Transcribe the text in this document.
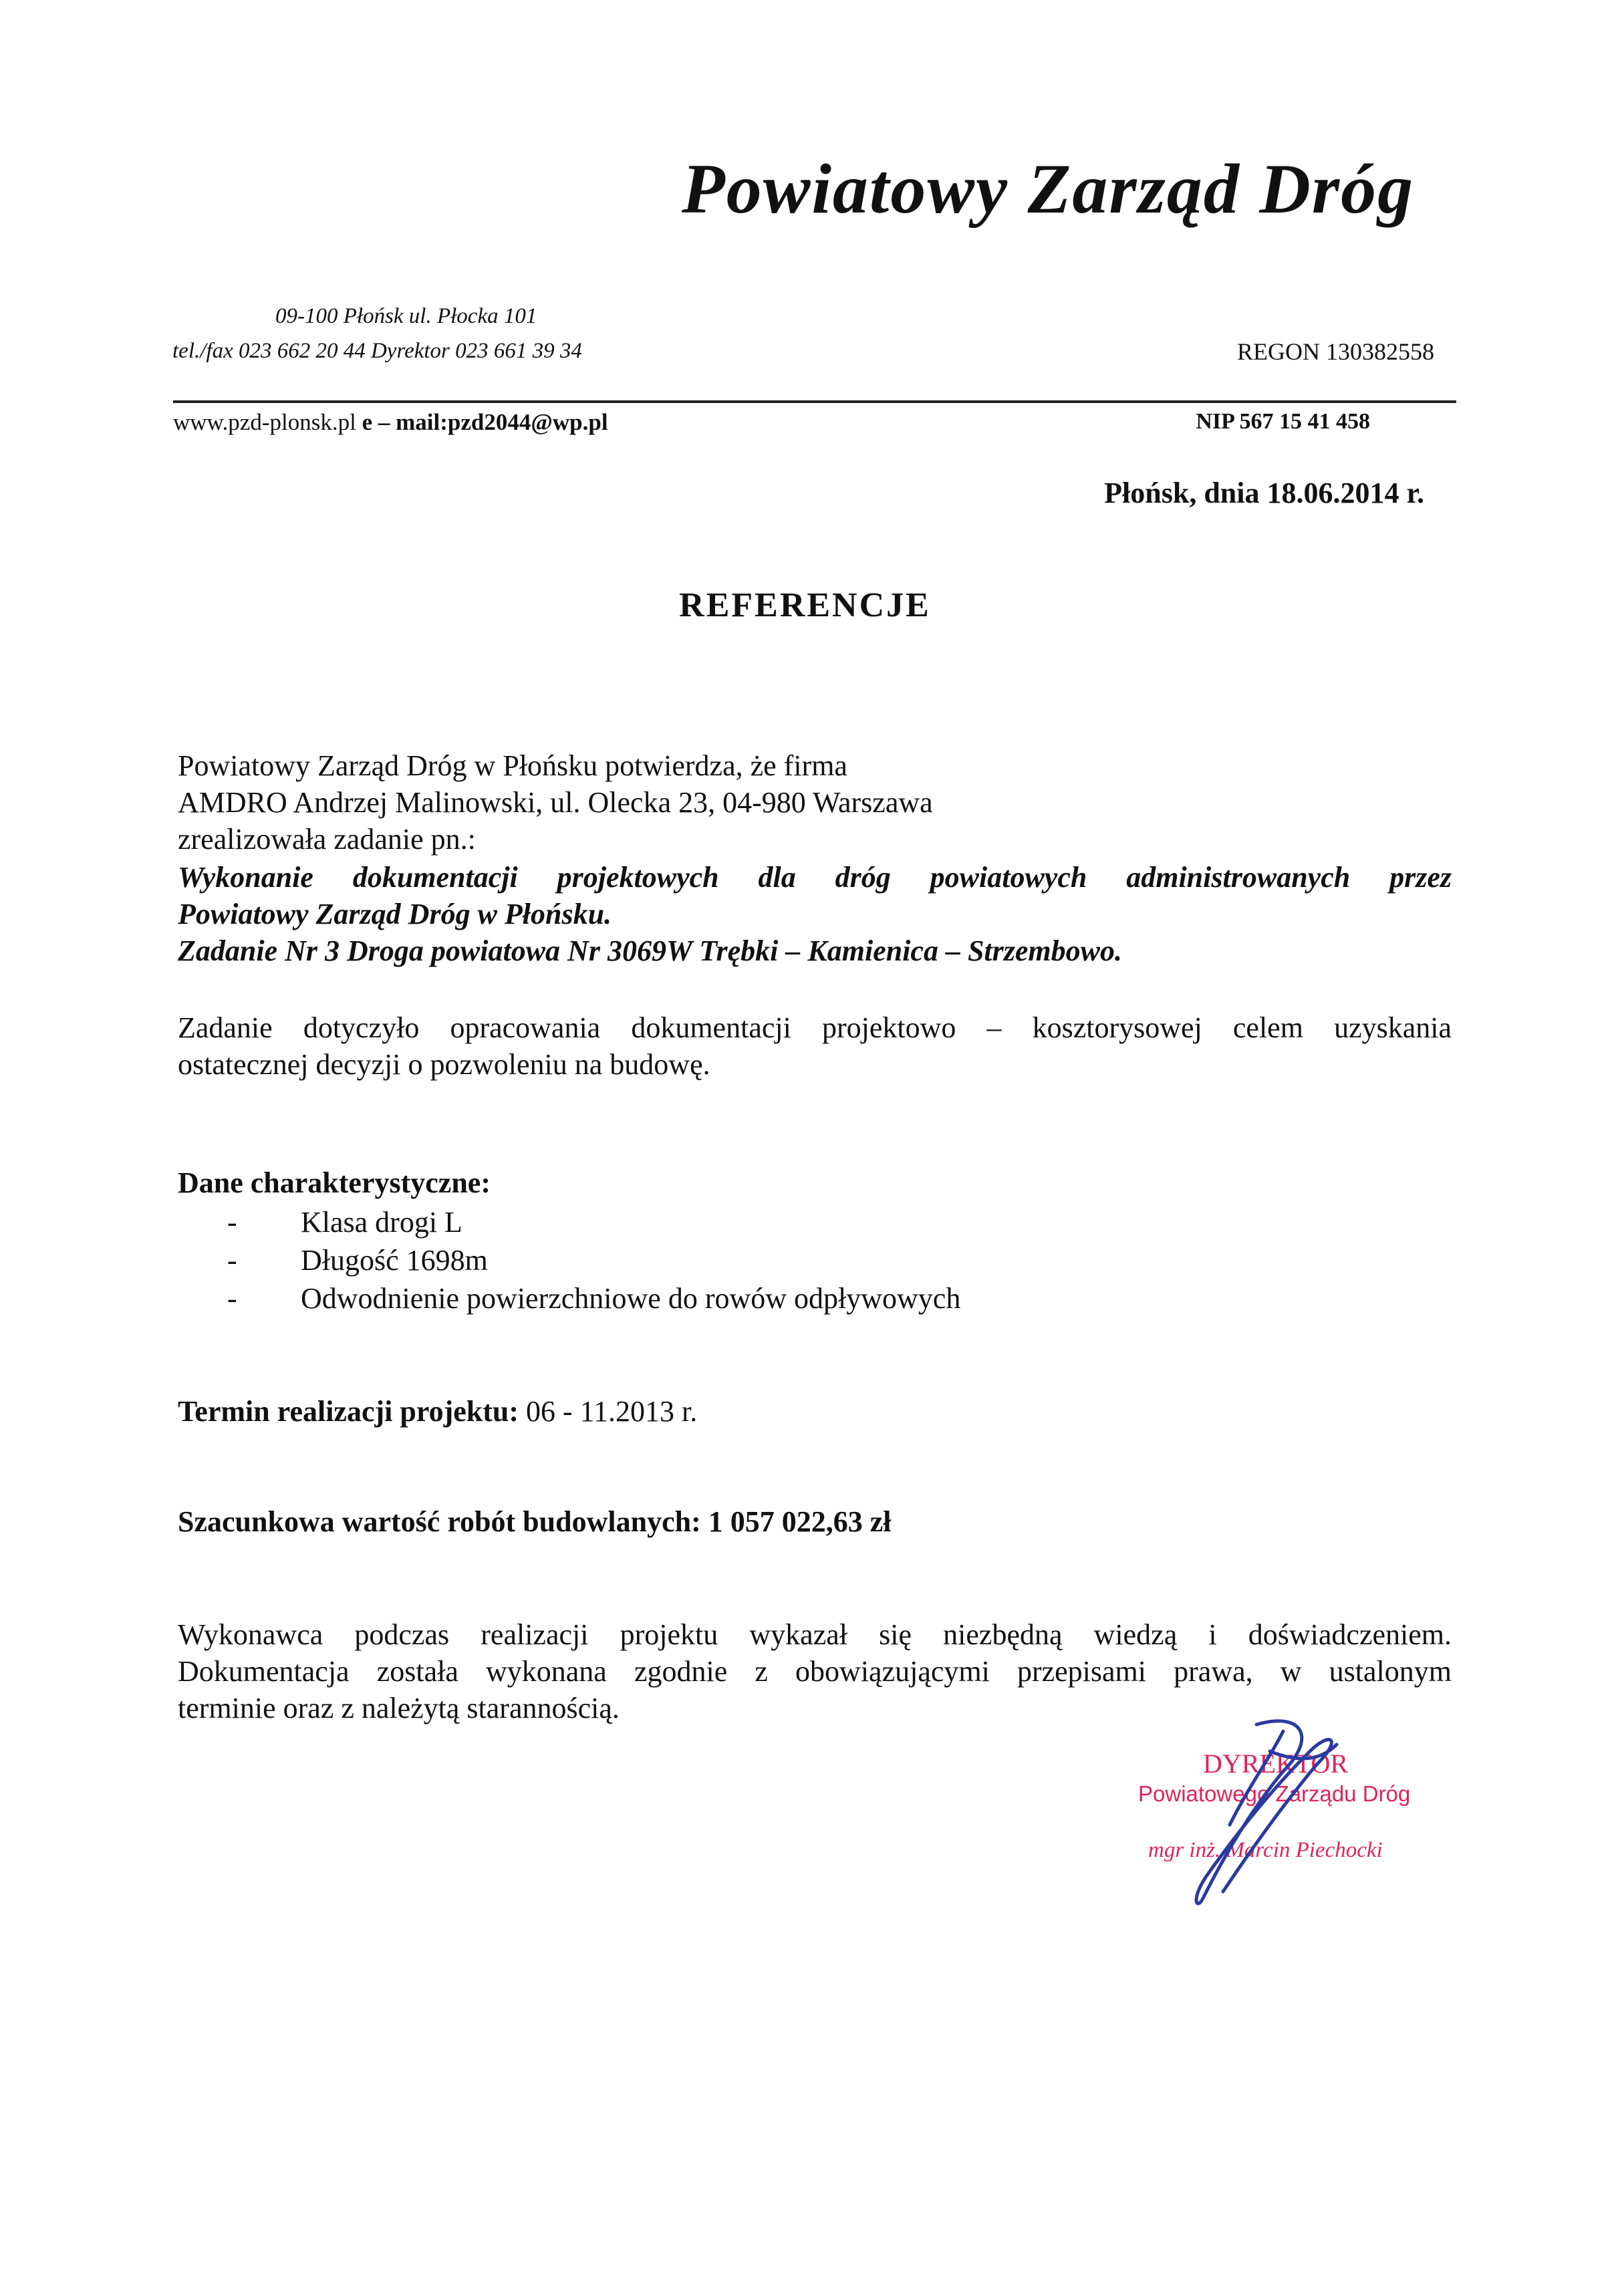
Powiatowy Zarząd Dróg
09-100 Płońsk ul. Płocka 101
tel./fax 023 662 20 44 Dyrektor 023 661 39 34	REGON 130382558
www.pzd-plonsk.pl e – mail:pzd2044@wp.pl	NIP 567 15 41 458
Płońsk, dnia 18.06.2014 r.
REFERENCJE
Powiatowy Zarząd Dróg w Płońsku potwierdza, że firma
AMDRO Andrzej Malinowski, ul. Olecka 23, 04-980 Warszawa
zrealizowała zadanie pn.:
Wykonanie dokumentacji projektowych dla dróg powiatowych administrowanych przez
Powiatowy Zarząd Dróg w Płońsku.
Zadanie Nr 3 Droga powiatowa Nr 3069W Trębki – Kamienica – Strzembowo.
Zadanie dotyczyło opracowania dokumentacji projektowo – kosztorysowej celem uzyskania
ostatecznej decyzji o pozwoleniu na budowę.
Dane charakterystyczne:
- Klasa drogi L
- Długość 1698m
- Odwodnienie powierzchniowe do rowów odpływowych
Termin realizacji projektu: 06 - 11.2013 r.
Szacunkowa wartość robót budowlanych: 1 057 022,63 zł
Wykonawca podczas realizacji projektu wykazał się niezbędną wiedzą i doświadczeniem.
Dokumentacja została wykonana zgodnie z obowiązującymi przepisami prawa, w ustalonym
terminie oraz z należytą starannością.
DYREKTOR
Powiatowego Zarządu Dróg
mgr inż. Marcin Piechocki
